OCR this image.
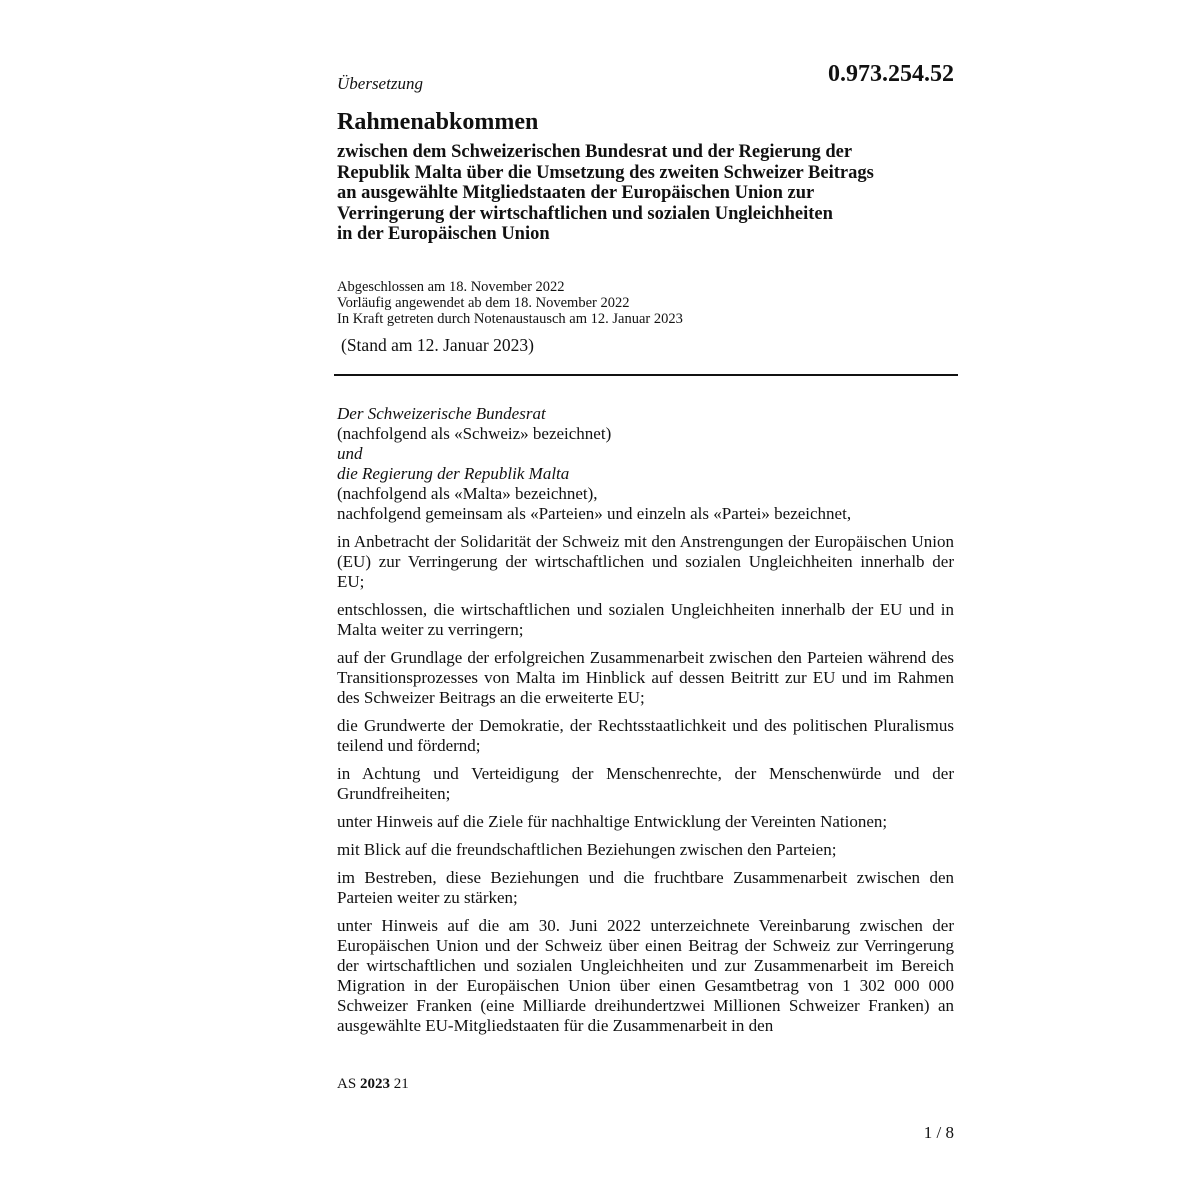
Übersetzung	0.973.254.52
Rahmenabkommen
zwischen dem Schweizerischen Bundesrat und der Regierung der
Republik Malta über die Umsetzung des zweiten Schweizer Beitrags
an ausgewählte Mitgliedstaaten der Europäischen Union zur
Verringerung der wirtschaftlichen und sozialen Ungleichheiten
in der Europäischen Union
Abgeschlossen am 18. November 2022
Vorläufig angewendet ab dem 18. November 2022
In Kraft getreten durch Notenaustausch am 12. Januar 2023
(Stand am 12. Januar 2023)
Der Schweizerische Bundesrat
(nachfolgend als «Schweiz» bezeichnet)
und
die Regierung der Republik Malta
(nachfolgend als «Malta» bezeichnet),
nachfolgend gemeinsam als «Parteien» und einzeln als «Partei» bezeichnet,

in Anbetracht der Solidarität der Schweiz mit den Anstrengungen der Europäischen Union (EU) zur Verringerung der wirtschaftlichen und sozialen Ungleichheiten innerhalb der EU;

entschlossen, die wirtschaftlichen und sozialen Ungleichheiten innerhalb der EU und in Malta weiter zu verringern;

auf der Grundlage der erfolgreichen Zusammenarbeit zwischen den Parteien während des Transitionsprozesses von Malta im Hinblick auf dessen Beitritt zur EU und im Rahmen des Schweizer Beitrags an die erweiterte EU;

die Grundwerte der Demokratie, der Rechtsstaatlichkeit und des politischen Pluralismus teilend und fördernd;

in Achtung und Verteidigung der Menschenrechte, der Menschenwürde und der Grundfreiheiten;

unter Hinweis auf die Ziele für nachhaltige Entwicklung der Vereinten Nationen;

mit Blick auf die freundschaftlichen Beziehungen zwischen den Parteien;

im Bestreben, diese Beziehungen und die fruchtbare Zusammenarbeit zwischen den Parteien weiter zu stärken;

unter Hinweis auf die am 30. Juni 2022 unterzeichnete Vereinbarung zwischen der Europäischen Union und der Schweiz über einen Beitrag der Schweiz zur Verringerung der wirtschaftlichen und sozialen Ungleichheiten und zur Zusammenarbeit im Bereich Migration in der Europäischen Union über einen Gesamtbetrag von 1 302 000 000 Schweizer Franken (eine Milliarde dreihundertzwei Millionen Schweizer Franken) an ausgewählte EU-Mitgliedstaaten für die Zusammenarbeit in den

AS 2023 21
1 / 8
